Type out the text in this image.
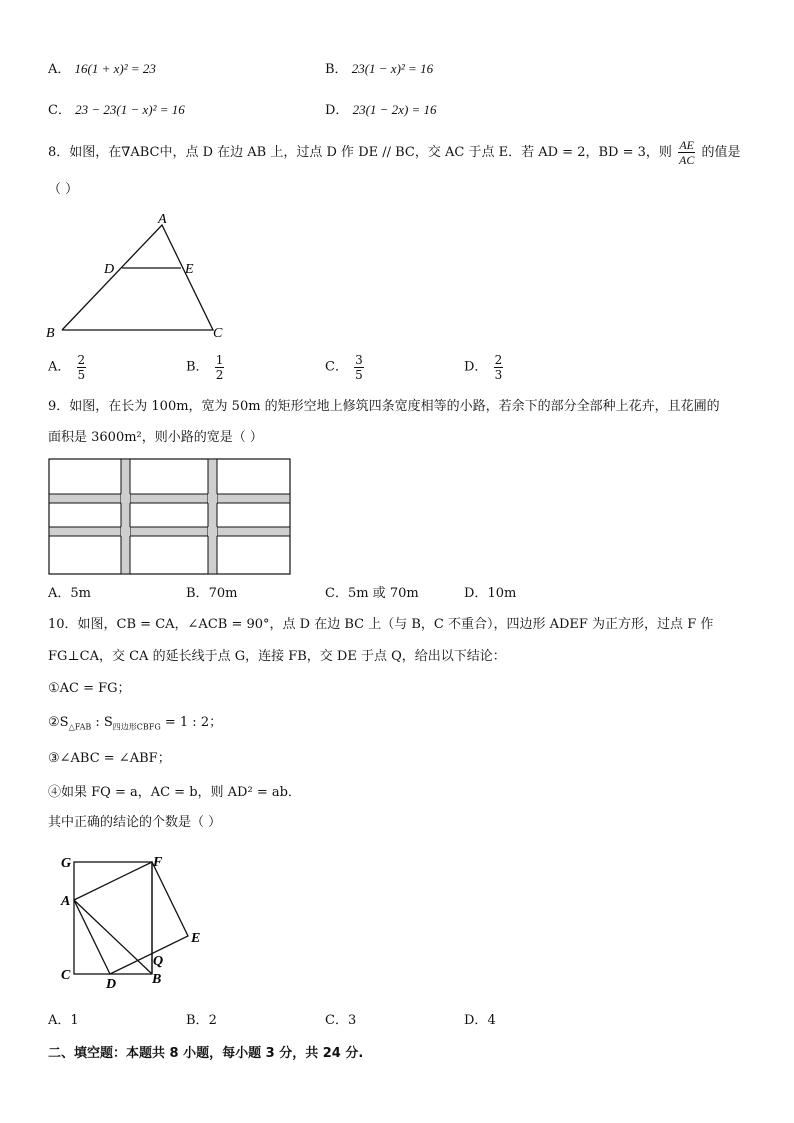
A． 16(1 + x)² = 23	B． 23(1 − x)² = 16
C． 23 − 23(1 − x)² = 16	D． 23(1 − 2x) = 16
8．如图，在∇ABC中，点 D 在边 AB 上，过点 D 作 DE // BC，交 AC 于点 E．若 AD = 2，BD = 3，则 $\frac{AE}{AC}$ 的值是
（ ）
A
D	E
B	C
A． $\frac{2}{5}$	B． $\frac{1}{2}$	C． $\frac{3}{5}$	D． $\frac{2}{3}$
9．如图，在长为 100m，宽为 50m 的矩形空地上修筑四条宽度相等的小路，若余下的部分全部种上花卉，且花圃的
面积是 3600m²，则小路的宽是（ ）
A．5m	B．70m	C．5m 或 70m	D．10m
10．如图，CB = CA，∠ACB = 90°，点 D 在边 BC 上（与 B，C 不重合），四边形 ADEF 为正方形，过点 F 作
FG⊥CA，交 CA 的延长线于点 G，连接 FB，交 DE 于点 Q，给出以下结论：
①AC = FG；
$②S_{\triangle FAB}$ : $S_{四边形CBFG} = 1$ : 2；
③∠ABC = ∠ABF；
④如果 FQ = a，AC = b，则 AD² = ab．
其中正确的结论的个数是（ ）
G	F
A
E
C
Q
D	B
A．1	B．2	C．3	D．4
二、填空题：本题共 8 小题，每小题 3 分，共 24 分.
